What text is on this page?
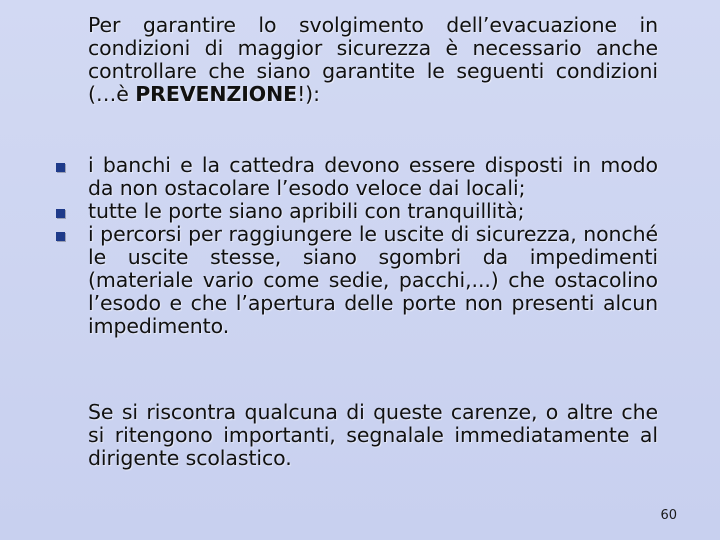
Per garantire lo svolgimento dell’evacuazione in condizioni di maggior sicurezza è necessario anche controllare che siano garantite le seguenti condizioni (…è PREVENZIONE!):

i banchi e la cattedra devono essere disposti in modo da non ostacolare l’esodo veloce dai locali;
tutte le porte siano apribili con tranquillità;
i percorsi per raggiungere le uscite di sicurezza, nonché le uscite stesse, siano sgombri da impedimenti (materiale vario come sedie, pacchi,...) che ostacolino l’esodo e che l’apertura delle porte non presenti alcun impedimento.

Se si riscontra qualcuna di queste carenze, o altre che si ritengono importanti, segnalale immediatamente al dirigente scolastico.

60
